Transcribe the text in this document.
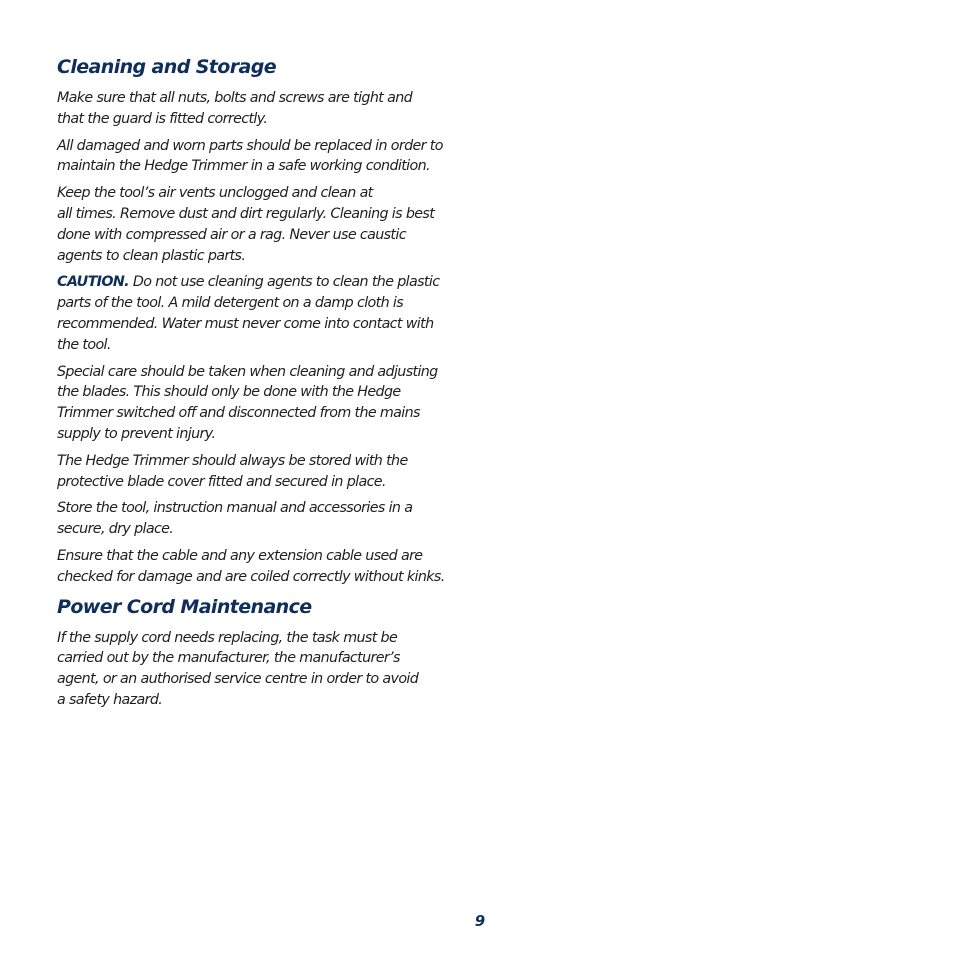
Cleaning and Storage

Make sure that all nuts, bolts and screws are tight and
that the guard is fitted correctly.

All damaged and worn parts should be replaced in order to
maintain the Hedge Trimmer in a safe working condition.

Keep the tool’s air vents unclogged and clean at
all times. Remove dust and dirt regularly. Cleaning is best
done with compressed air or a rag. Never use caustic
agents to clean plastic parts.

CAUTION. Do not use cleaning agents to clean the plastic
parts of the tool. A mild detergent on a damp cloth is
recommended. Water must never come into contact with
the tool.

Special care should be taken when cleaning and adjusting
the blades. This should only be done with the Hedge
Trimmer switched off and disconnected from the mains
supply to prevent injury.

The Hedge Trimmer should always be stored with the
protective blade cover fitted and secured in place.

Store the tool, instruction manual and accessories in a
secure, dry place.

Ensure that the cable and any extension cable used are
checked for damage and are coiled correctly without kinks.

Power Cord Maintenance

If the supply cord needs replacing, the task must be
carried out by the manufacturer, the manufacturer’s
agent, or an authorised service centre in order to avoid
a safety hazard.

9
